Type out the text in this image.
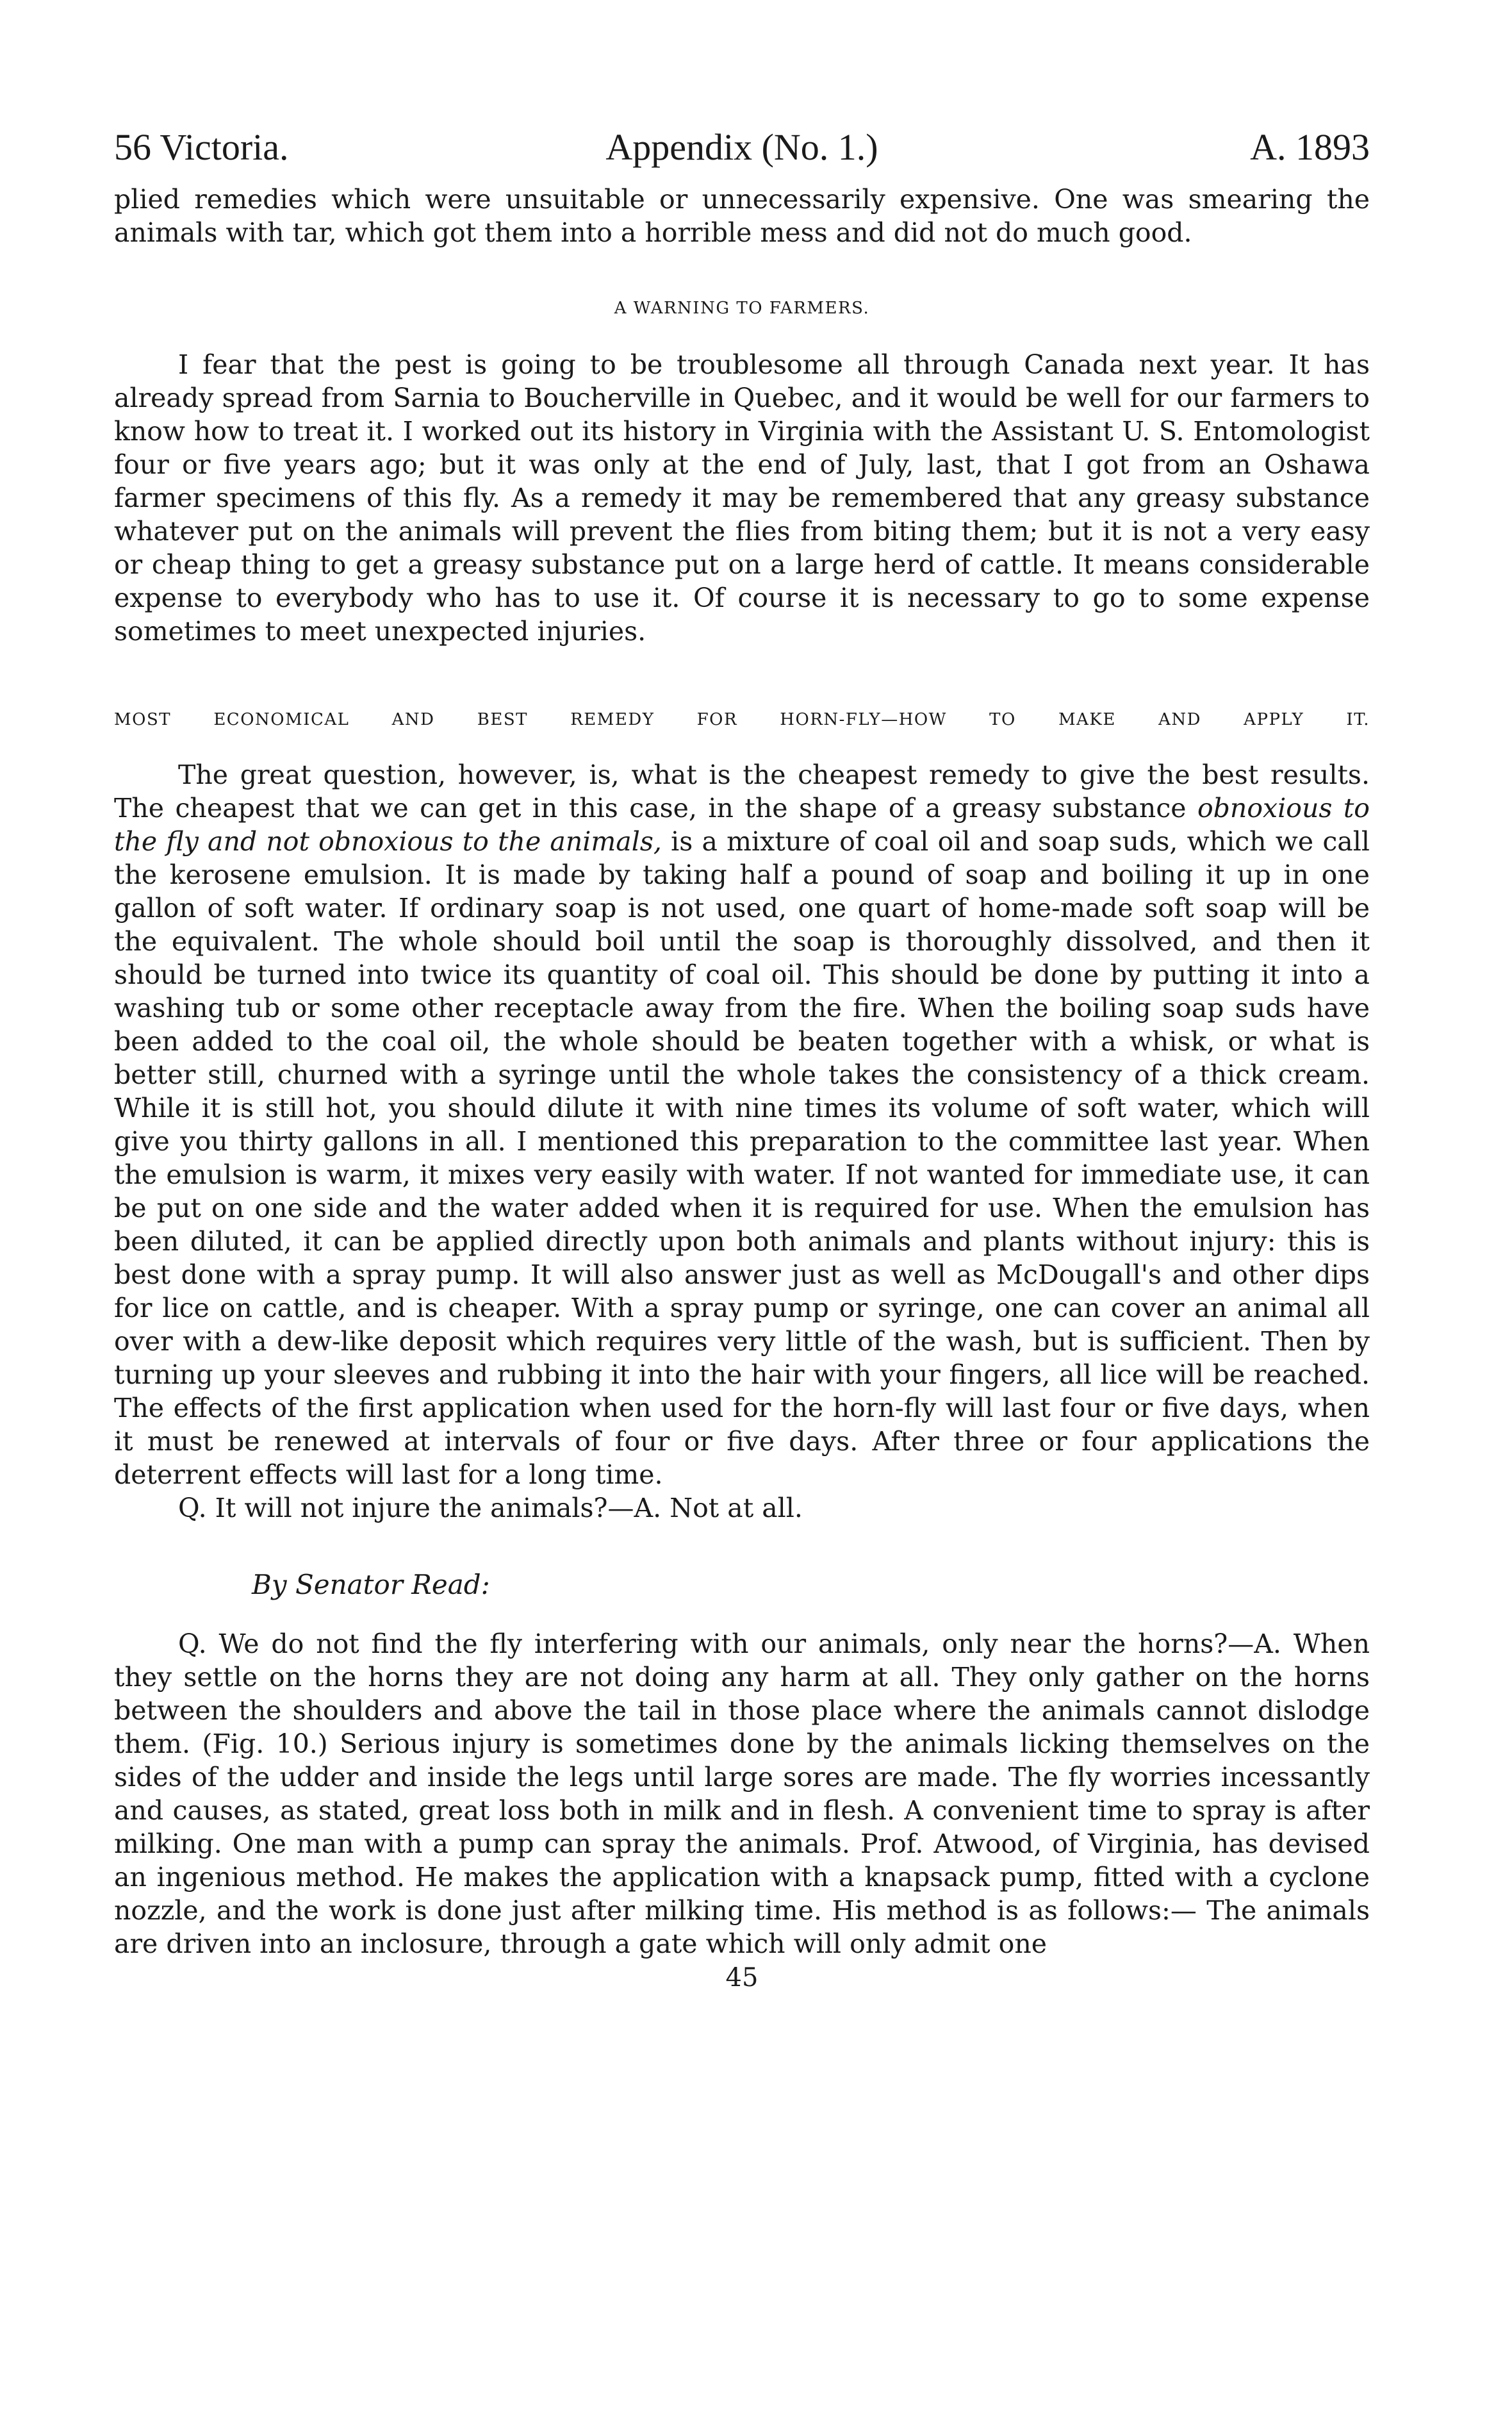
56 Victoria.	Appendix (No. 1.)	A. 1893

plied remedies which were unsuitable or unnecessarily expensive. One was smearing the animals with tar, which got them into a horrible mess and did not do much good.

A WARNING TO FARMERS.

I fear that the pest is going to be troublesome all through Canada next year. It has already spread from Sarnia to Boucherville in Quebec, and it would be well for our farmers to know how to treat it. I worked out its history in Virginia with the Assistant U. S. Entomologist four or five years ago; but it was only at the end of July, last, that I got from an Oshawa farmer specimens of this fly. As a remedy it may be remembered that any greasy substance whatever put on the animals will prevent the flies from biting them; but it is not a very easy or cheap thing to get a greasy substance put on a large herd of cattle. It means considerable expense to everybody who has to use it. Of course it is necessary to go to some expense sometimes to meet unexpected injuries.

MOST ECONOMICAL AND BEST REMEDY FOR HORN-FLY—HOW TO MAKE AND APPLY IT.

The great question, however, is, what is the cheapest remedy to give the best results. The cheapest that we can get in this case, in the shape of a greasy substance obnoxious to the fly and not obnoxious to the animals, is a mixture of coal oil and soap suds, which we call the kerosene emulsion. It is made by taking half a pound of soap and boiling it up in one gallon of soft water. If ordinary soap is not used, one quart of home-made soft soap will be the equivalent. The whole should boil until the soap is thoroughly dissolved, and then it should be turned into twice its quantity of coal oil. This should be done by putting it into a washing tub or some other receptacle away from the fire. When the boiling soap suds have been added to the coal oil, the whole should be beaten together with a whisk, or what is better still, churned with a syringe until the whole takes the consistency of a thick cream. While it is still hot, you should dilute it with nine times its volume of soft water, which will give you thirty gallons in all. I mentioned this preparation to the committee last year. When the emulsion is warm, it mixes very easily with water. If not wanted for immediate use, it can be put on one side and the water added when it is required for use. When the emulsion has been diluted, it can be applied directly upon both animals and plants without injury: this is best done with a spray pump. It will also answer just as well as McDougall's and other dips for lice on cattle, and is cheaper. With a spray pump or syringe, one can cover an animal all over with a dew-like deposit which requires very little of the wash, but is sufficient. Then by turning up your sleeves and rubbing it into the hair with your fingers, all lice will be reached. The effects of the first application when used for the horn-fly will last four or five days, when it must be renewed at intervals of four or five days. After three or four applications the deterrent effects will last for a long time.

Q. It will not injure the animals?—A. Not at all.

By Senator Read:

Q. We do not find the fly interfering with our animals, only near the horns?—A. When they settle on the horns they are not doing any harm at all. They only gather on the horns between the shoulders and above the tail in those place where the animals cannot dislodge them. (Fig. 10.) Serious injury is sometimes done by the animals licking themselves on the sides of the udder and inside the legs until large sores are made. The fly worries incessantly and causes, as stated, great loss both in milk and in flesh. A convenient time to spray is after milking. One man with a pump can spray the animals. Prof. Atwood, of Virginia, has devised an ingenious method. He makes the application with a knapsack pump, fitted with a cyclone nozzle, and the work is done just after milking time. His method is as follows:— The animals are driven into an inclosure, through a gate which will only admit one

45
